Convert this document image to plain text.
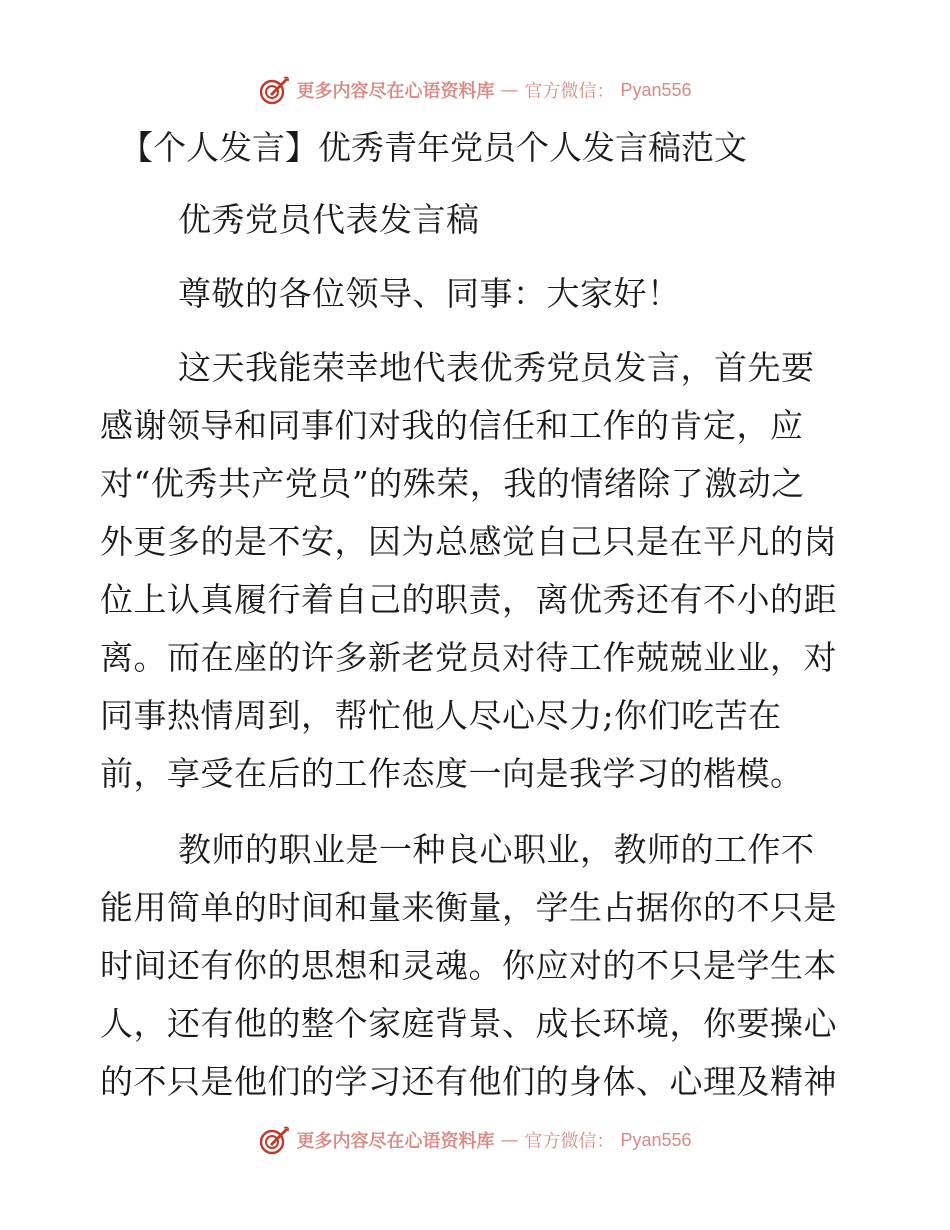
更多内容尽在心语资料库 — 官方微信： Pyan556
【个人发言】优秀青年党员个人发言稿范文
优秀党员代表发言稿
尊敬的各位领导、同事：大家好！
这天我能荣幸地代表优秀党员发言，首先要
感谢领导和同事们对我的信任和工作的肯定，应
对“优秀共产党员”的殊荣，我的情绪除了激动之
外更多的是不安，因为总感觉自己只是在平凡的岗
位上认真履行着自己的职责，离优秀还有不小的距
离。而在座的许多新老党员对待工作兢兢业业，对
同事热情周到，帮忙他人尽心尽力;你们吃苦在
前，享受在后的工作态度一向是我学习的楷模。
教师的职业是一种良心职业，教师的工作不
能用简单的时间和量来衡量，学生占据你的不只是
时间还有你的思想和灵魂。你应对的不只是学生本
人，还有他的整个家庭背景、成长环境，你要操心
的不只是他们的学习还有他们的身体、心理及精神
更多内容尽在心语资料库 — 官方微信： Pyan556
